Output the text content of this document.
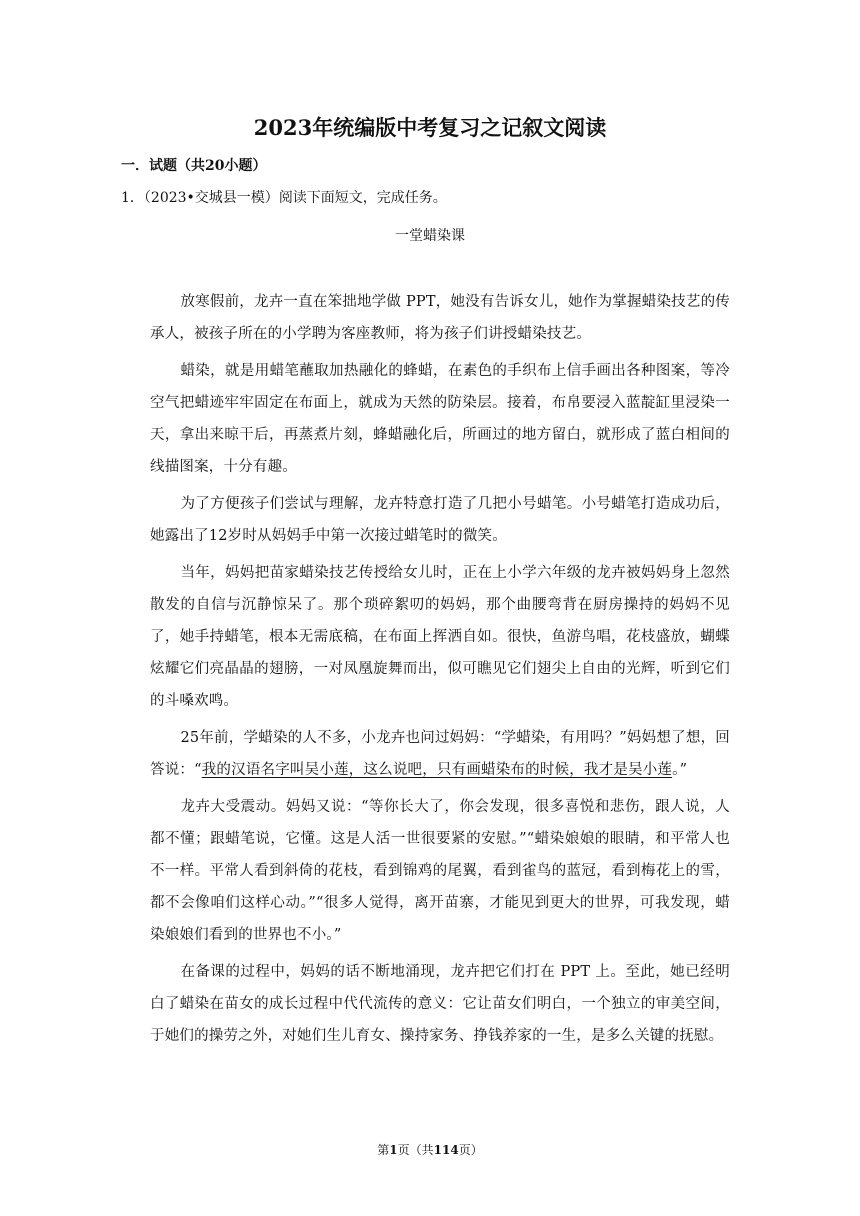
2023年统编版中考复习之记叙文阅读
一．试题（共20小题）
1．（2023•交城县一模）阅读下面短文，完成任务。
一堂蜡染课

放寒假前，龙卉一直在笨拙地学做 PPT，她没有告诉女儿，她作为掌握蜡染技艺的传承人，被孩子所在的小学聘为客座教师，将为孩子们讲授蜡染技艺。

蜡染，就是用蜡笔蘸取加热融化的蜂蜡，在素色的手织布上信手画出各种图案，等冷空气把蜡迹牢牢固定在布面上，就成为天然的防染层。接着，布帛要浸入蓝靛缸里浸染一天，拿出来晾干后，再蒸煮片刻，蜂蜡融化后，所画过的地方留白，就形成了蓝白相间的线描图案，十分有趣。

为了方便孩子们尝试与理解，龙卉特意打造了几把小号蜡笔。小号蜡笔打造成功后，她露出了12岁时从妈妈手中第一次接过蜡笔时的微笑。

当年，妈妈把苗家蜡染技艺传授给女儿时，正在上小学六年级的龙卉被妈妈身上忽然散发的自信与沉静惊呆了。那个琐碎絮叨的妈妈，那个曲腰弯背在厨房操持的妈妈不见了，她手持蜡笔，根本无需底稿，在布面上挥洒自如。很快，鱼游鸟唱，花枝盛放，蝴蝶炫耀它们亮晶晶的翅膀，一对凤凰旋舞而出，似可瞧见它们翅尖上自由的光辉，听到它们的斗嗓欢鸣。

25年前，学蜡染的人不多，小龙卉也问过妈妈：“学蜡染，有用吗？”妈妈想了想，回答说：“我的汉语名字叫吴小莲，这么说吧，只有画蜡染布的时候，我才是吴小莲。”

龙卉大受震动。妈妈又说：“等你长大了，你会发现，很多喜悦和悲伤，跟人说，人都不懂；跟蜡笔说，它懂。这是人活一世很要紧的安慰。”“蜡染娘娘的眼睛，和平常人也不一样。平常人看到斜倚的花枝，看到锦鸡的尾翼，看到雀鸟的蓝冠，看到梅花上的雪，都不会像咱们这样心动。”“很多人觉得，离开苗寨，才能见到更大的世界，可我发现，蜡染娘娘们看到的世界也不小。”

在备课的过程中，妈妈的话不断地涌现，龙卉把它们打在 PPT 上。至此，她已经明白了蜡染在苗女的成长过程中代代流传的意义：它让苗女们明白，一个独立的审美空间，于她们的操劳之外，对她们生儿育女、操持家务、挣钱养家的一生，是多么关键的抚慰。

第1页（共114页）
